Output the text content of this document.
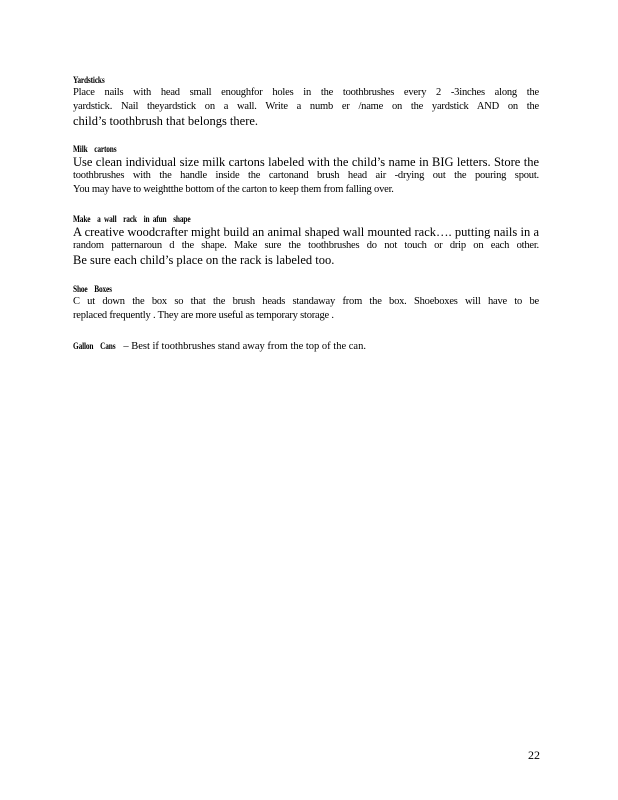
Yardsticks
Place nails with head small enoughfor holes in the toothbrushes every 2 -3inches along the
yardstick. Nail theyardstick on a wall. Write a numb er /name on the yardstick AND on the
child’s toothbrush that belongs there.
Milk    cartons
Use clean individual size milk cartons labeled with the child’s name in BIG letters. Store the
toothbrushes with the handle inside the cartonand brush head air -drying out the pouring spout.
You may have to weightthe bottom of the carton to keep them from falling over.
Make    a  wall    rack    in  afun    shape
A creative woodcrafter might build an animal shaped wall mounted rack…. putting nails in a
random patternaroun d the shape. Make sure the toothbrushes do not touch or drip on each other.
Be sure each child’s place on the rack is labeled too.
Shoe    Boxes
C ut down the box so that the brush heads standaway from the box. Shoeboxes will have to be
replaced frequently . They are more useful as temporary storage .
Gallon    Cans – Best if toothbrushes stand away from the top of the can.
22
